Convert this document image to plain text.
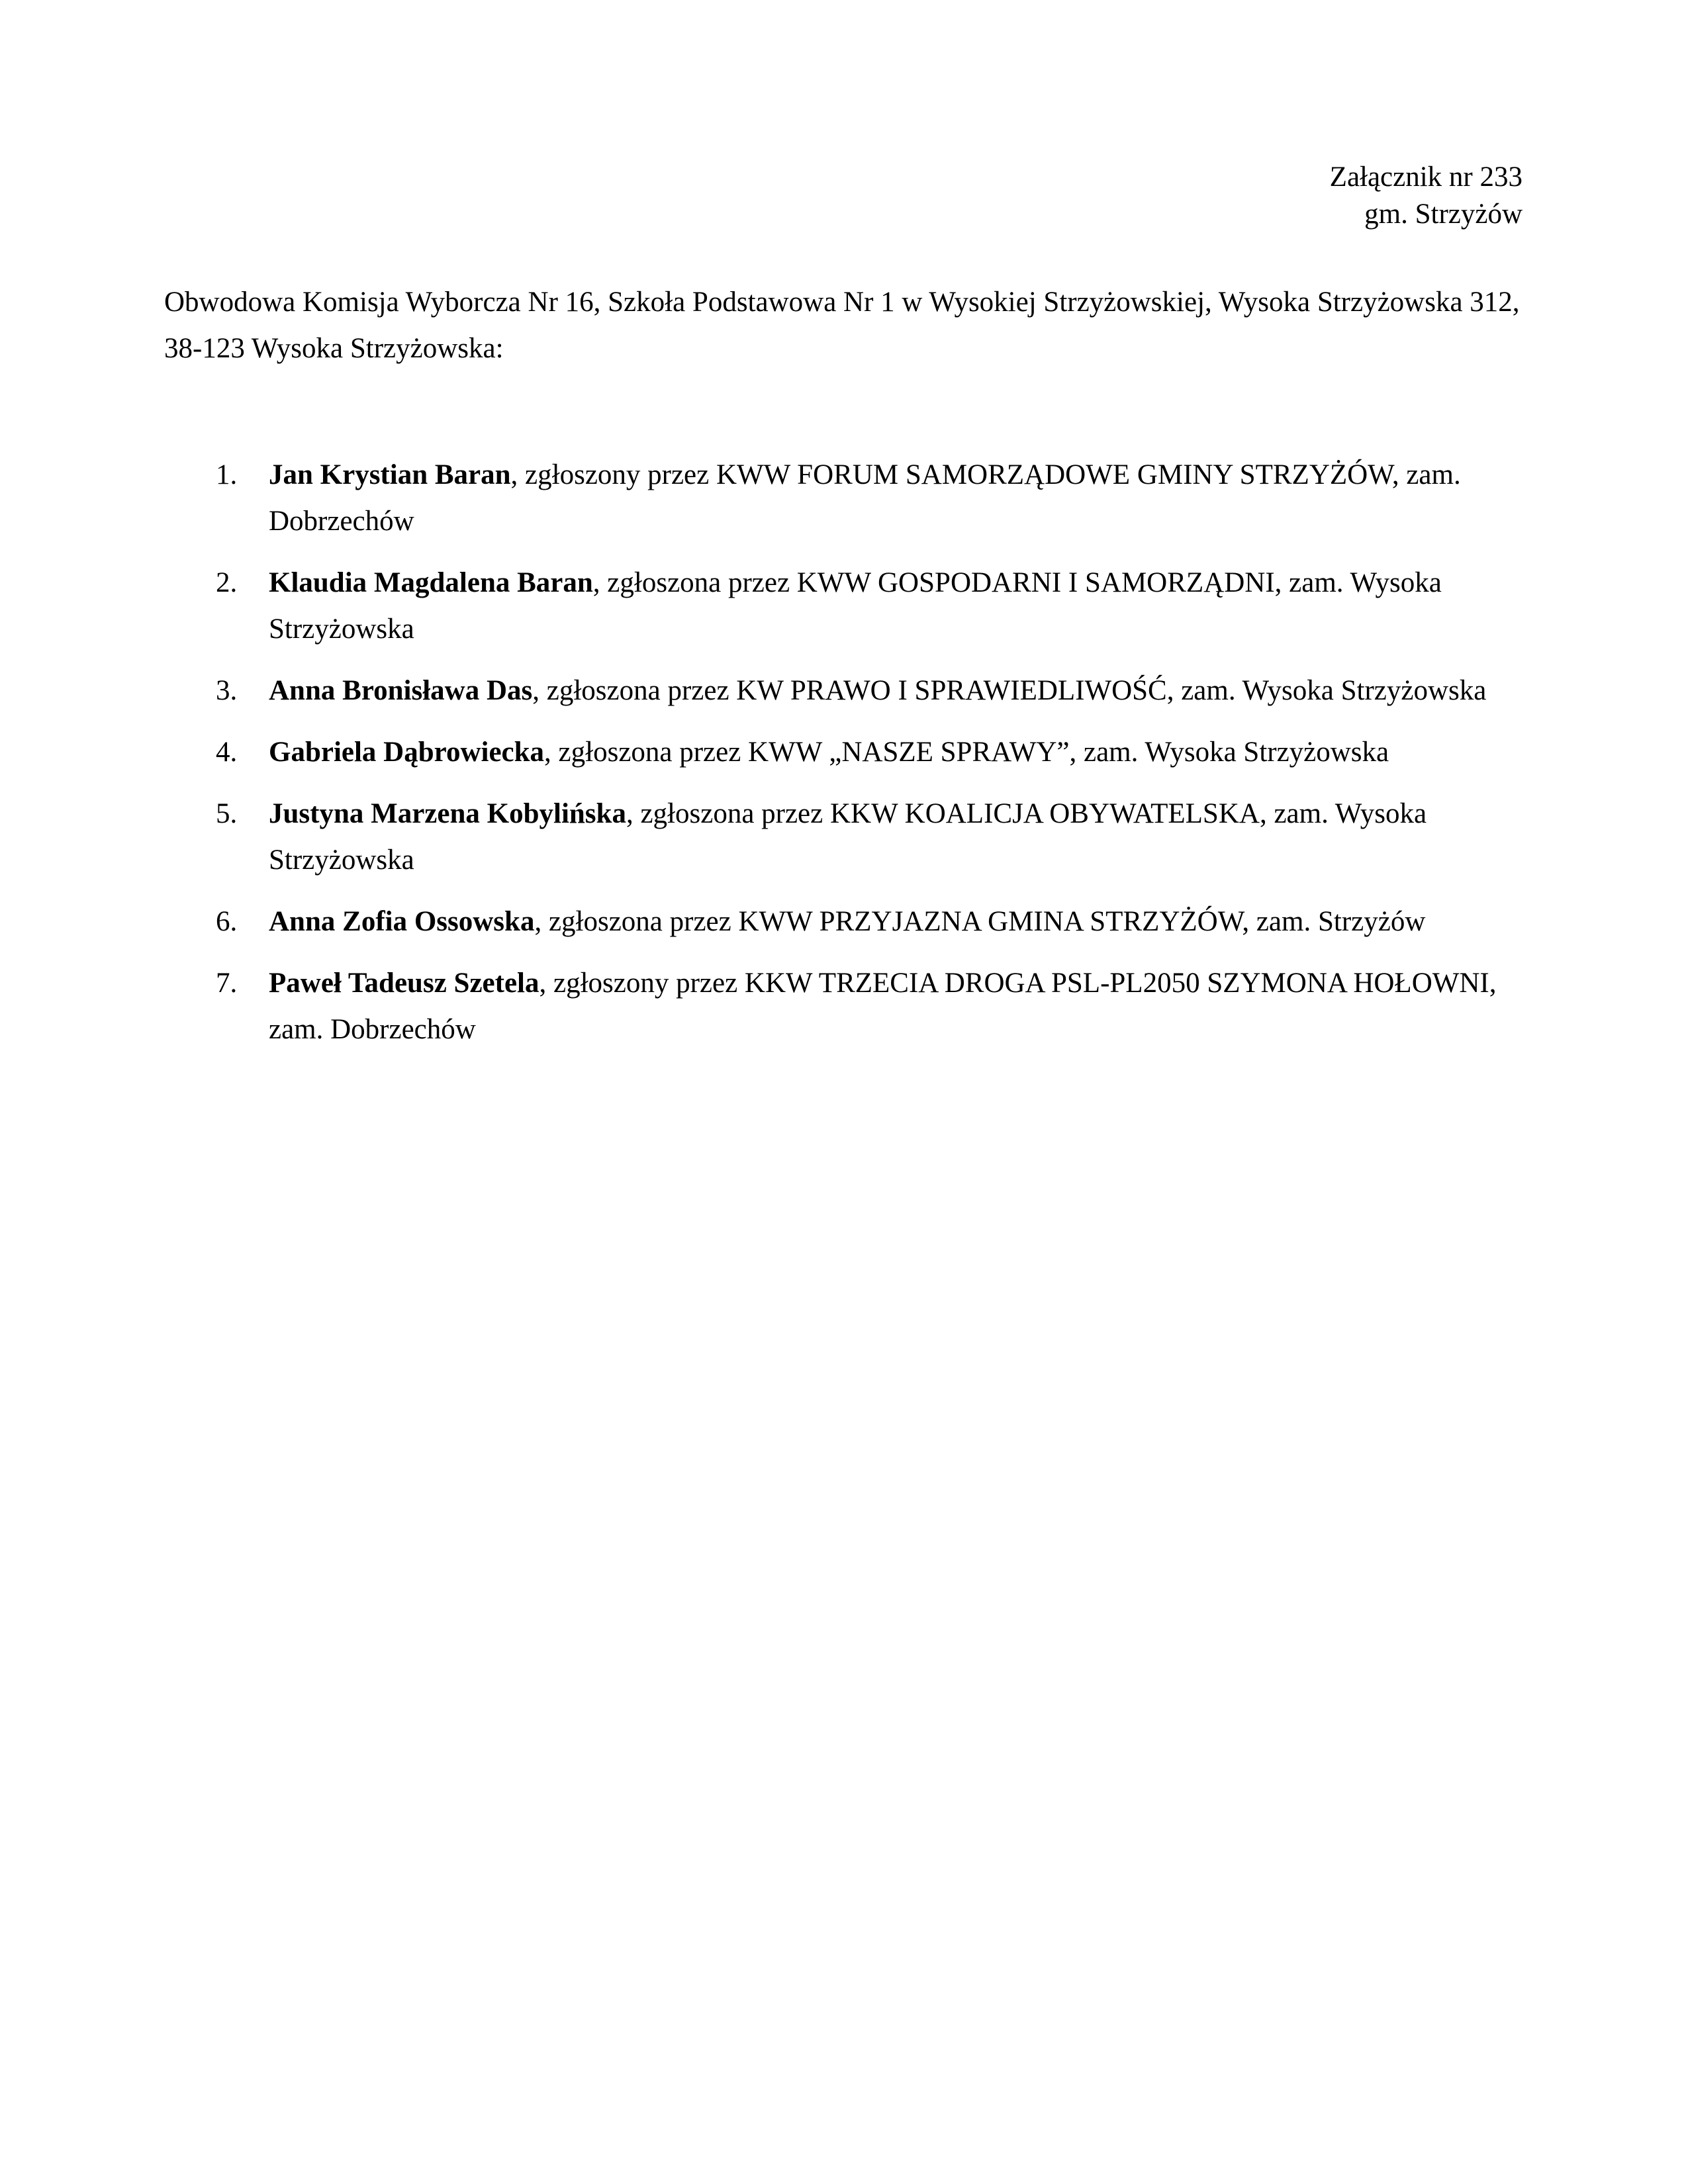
Załącznik nr 233
gm. Strzyżów
Obwodowa Komisja Wyborcza Nr 16, Szkoła Podstawowa Nr 1 w Wysokiej Strzyżowskiej, Wysoka Strzyżowska 312, 38-123 Wysoka Strzyżowska:
1. Jan Krystian Baran, zgłoszony przez KWW FORUM SAMORZĄDOWE GMINY STRZYŻÓW, zam. Dobrzechów
2. Klaudia Magdalena Baran, zgłoszona przez KWW GOSPODARNI I SAMORZĄDNI, zam. Wysoka Strzyżowska
3. Anna Bronisława Das, zgłoszona przez KW PRAWO I SPRAWIEDLIWOŚĆ, zam. Wysoka Strzyżowska
4. Gabriela Dąbrowiecka, zgłoszona przez KWW „NASZE SPRAWY”, zam. Wysoka Strzyżowska
5. Justyna Marzena Kobylińska, zgłoszona przez KKW KOALICJA OBYWATELSKA, zam. Wysoka Strzyżowska
6. Anna Zofia Ossowska, zgłoszona przez KWW PRZYJAZNA GMINA STRZYŻÓW, zam. Strzyżów
7. Paweł Tadeusz Szetela, zgłoszony przez KKW TRZECIA DROGA PSL-PL2050 SZYMONA HOŁOWNI, zam. Dobrzechów
